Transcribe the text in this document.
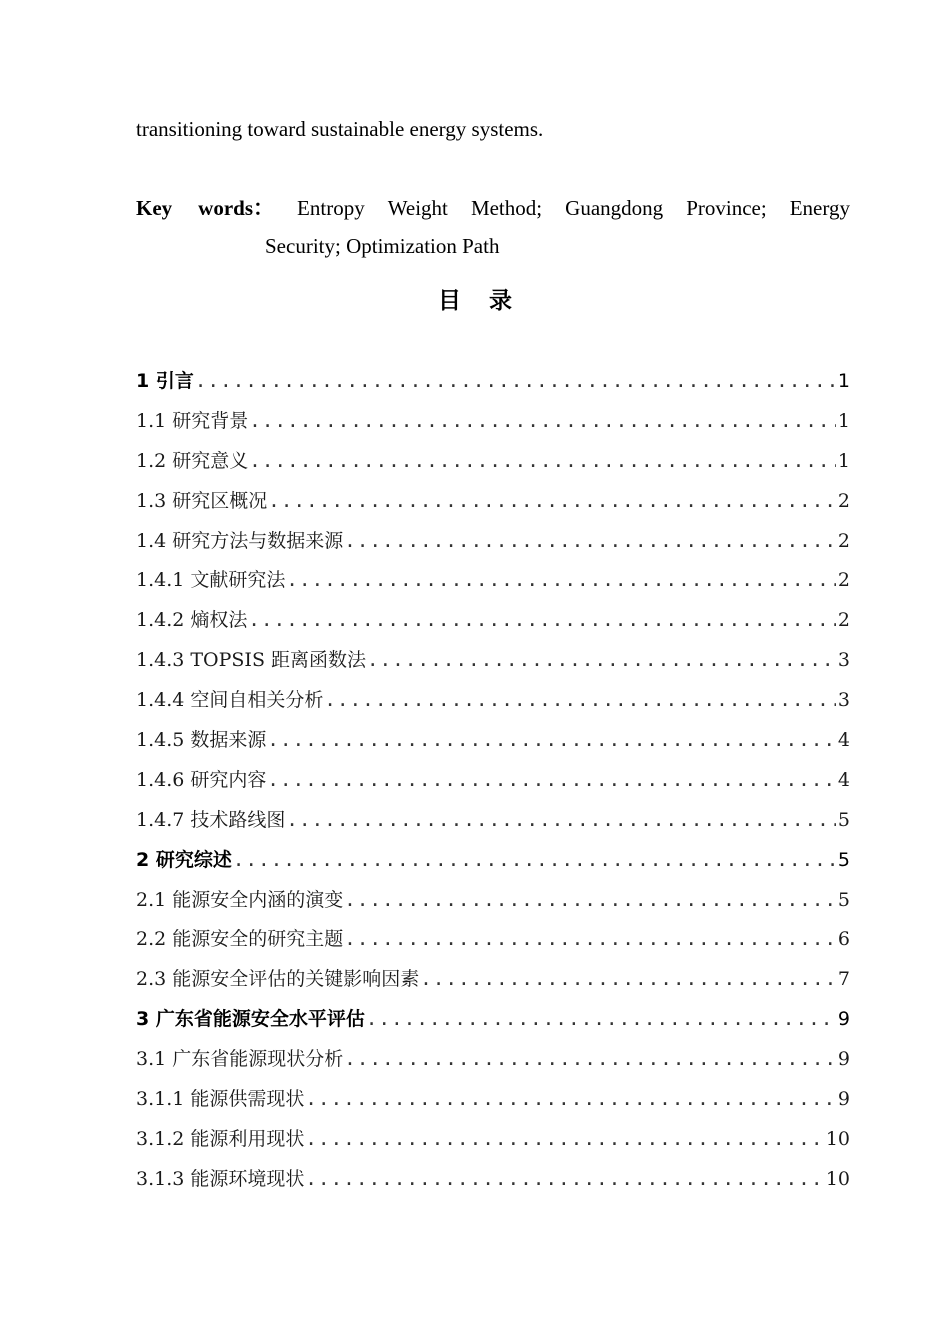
transitioning toward sustainable energy systems.
Key words： Entropy Weight Method; Guangdong Province; Energy
Security; Optimization Path
目录
1 引言 .....	1
1.1 研究背景 .....	1
1.2 研究意义 .....	1
1.3 研究区概况 .....	2
1.4 研究方法与数据来源 .....	2
1.4.1 文献研究法 .....	2
1.4.2 熵权法 .....	2
1.4.3 TOPSIS 距离函数法 .....	3
1.4.4 空间自相关分析 .....	3
1.4.5 数据来源 .....	4
1.4.6 研究内容 .....	4
1.4.7 技术路线图 .....	5
2 研究综述 .....	5
2.1 能源安全内涵的演变 .....	5
2.2 能源安全的研究主题 .....	6
2.3 能源安全评估的关键影响因素 .....	7
3 广东省能源安全水平评估 .....	9
3.1 广东省能源现状分析 .....	9
3.1.1 能源供需现状 .....	9
3.1.2 能源利用现状 .....	10
3.1.3 能源环境现状 .....	10
